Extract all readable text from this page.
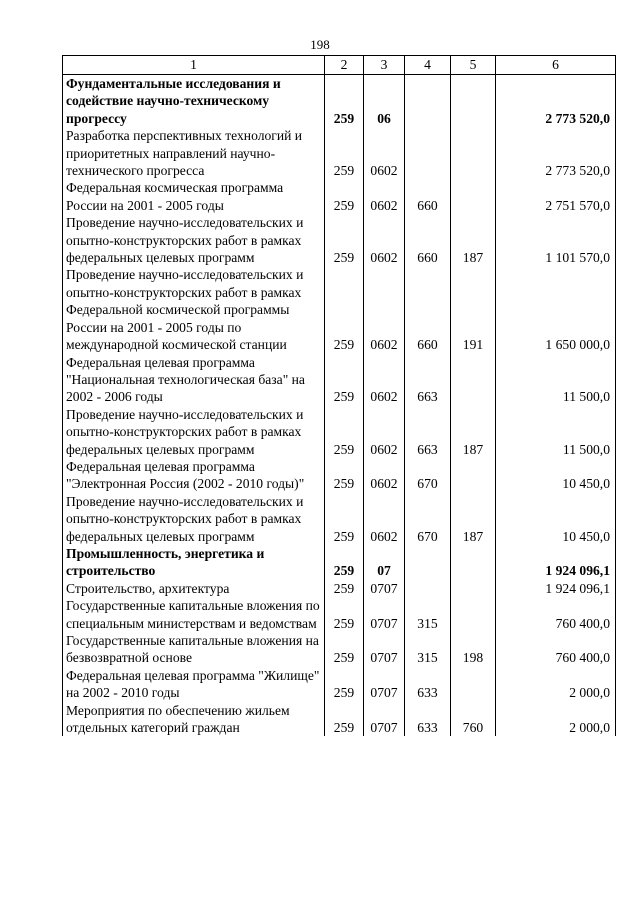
198
1	2	3	4	5	6
Фундаментальные исследования и содействие научно-техническому прогрессу	259	06			2 773 520,0
Разработка перспективных технологий и приоритетных направлений научно-технического прогресса	259	0602			2 773 520,0
Федеральная космическая программа России на 2001 - 2005 годы	259	0602	660		2 751 570,0
Проведение научно-исследовательских и опытно-конструкторских работ в рамках федеральных целевых программ	259	0602	660	187	1 101 570,0
Проведение научно-исследовательских и опытно-конструкторских работ в рамках Федеральной космической программы России на 2001 - 2005 годы по международной космической станции	259	0602	660	191	1 650 000,0
Федеральная целевая программа "Национальная технологическая база" на 2002 - 2006 годы	259	0602	663		11 500,0
Проведение научно-исследовательских и опытно-конструкторских работ в рамках федеральных целевых программ	259	0602	663	187	11 500,0
Федеральная целевая программа "Электронная Россия (2002 - 2010 годы)"	259	0602	670		10 450,0
Проведение научно-исследовательских и опытно-конструкторских работ в рамках федеральных целевых программ	259	0602	670	187	10 450,0
Промышленность, энергетика и строительство	259	07			1 924 096,1
Строительство, архитектура	259	0707			1 924 096,1
Государственные капитальные вложения по специальным министерствам и ведомствам	259	0707	315		760 400,0
Государственные капитальные вложения на безвозвратной основе	259	0707	315	198	760 400,0
Федеральная целевая программа "Жилище" на 2002 - 2010 годы	259	0707	633		2 000,0
Мероприятия по обеспечению жильем отдельных категорий граждан	259	0707	633	760	2 000,0
